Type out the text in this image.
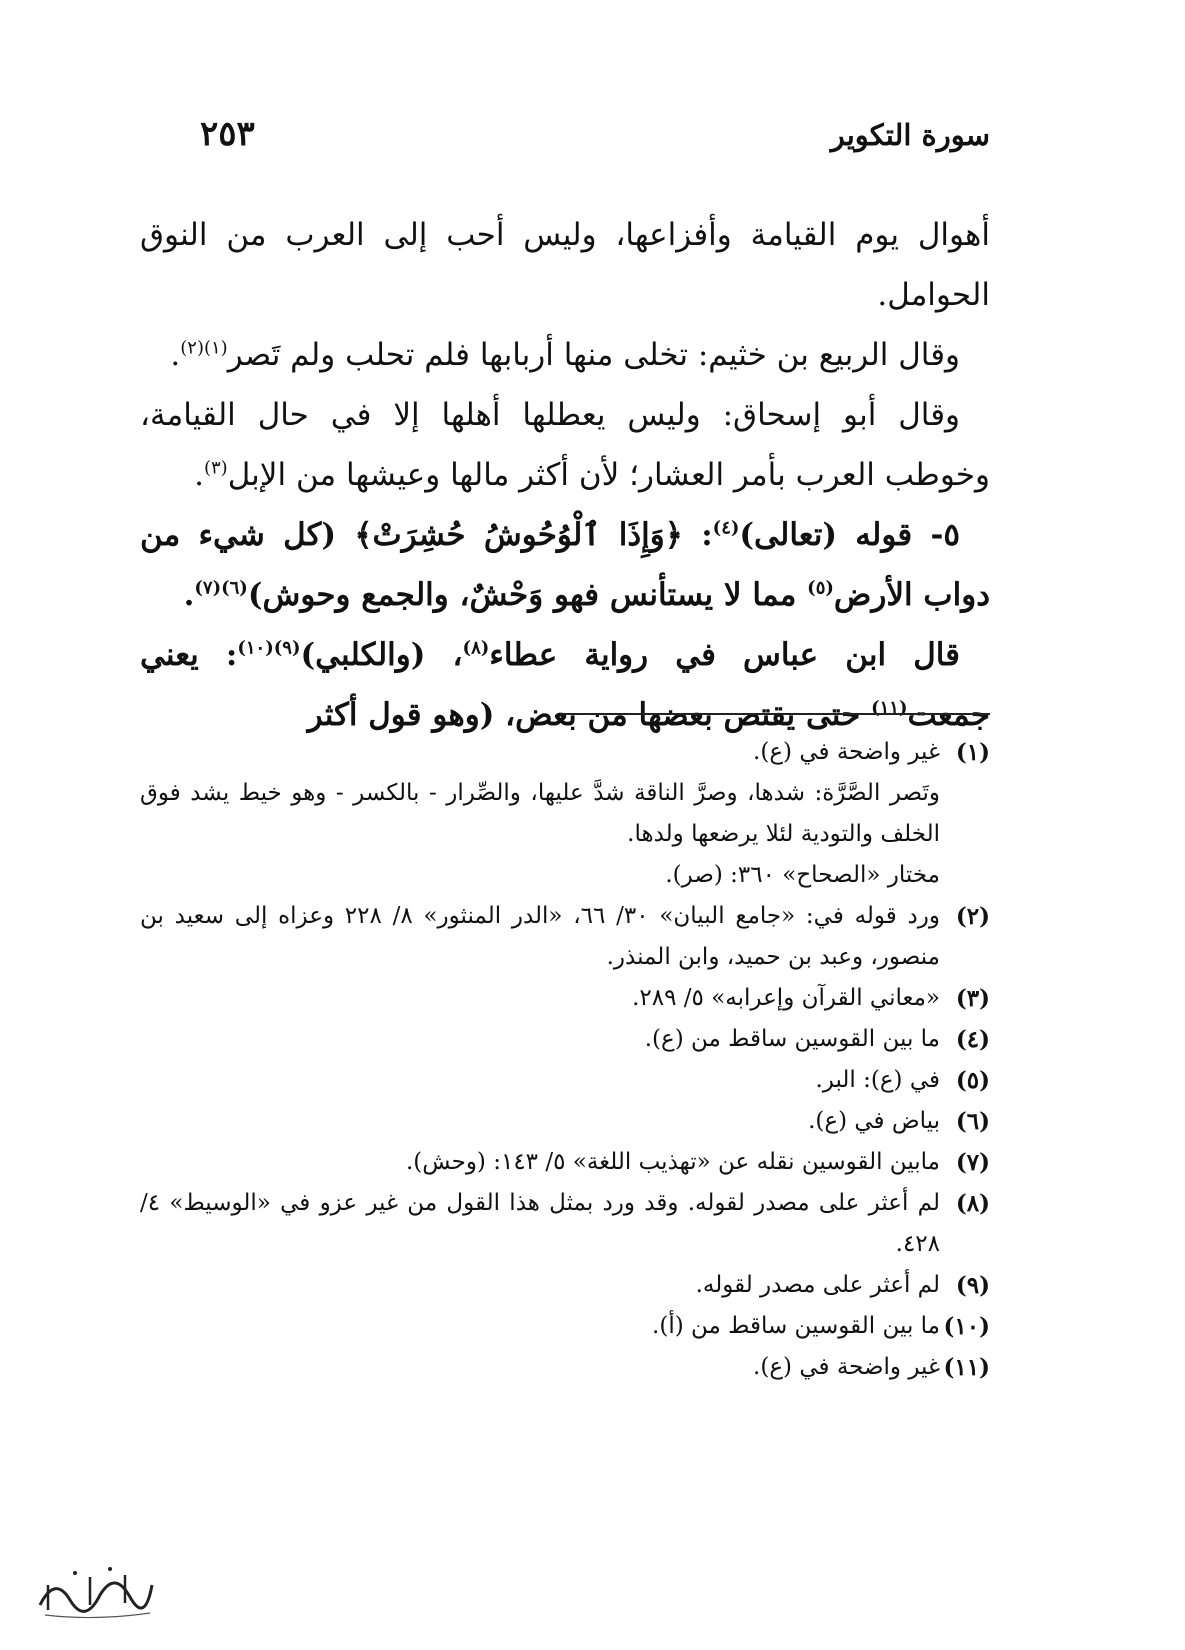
سورة التكوير
٢٥٣

أهوال يوم القيامة وأفزاعها، وليس أحب إلى العرب من النوق الحوامل.

وقال الربيع بن خثيم: تخلى منها أربابها فلم تحلب ولم تَصر$^{(١)(٢)}$.

وقال أبو إسحاق: وليس يعطلها أهلها إلا في حال القيامة، وخوطب العرب بأمر العشار؛ لأن أكثر مالها وعيشها من الإبل$^{(٣)}$.

٥- قوله (تعالى)$^{(٤)}$: ﴿وَإِذَا ٱلْوُحُوشُ حُشِرَتْ﴾ (كل شيء من دواب الأرض$^{(٥)}$ مما لا يستأنس فهو وَحْشٌ، والجمع وحوش)$^{(٦)(٧)}$.

قال ابن عباس في رواية عطاء$^{(٨)}$، (والكلبي)$^{(٩)(١٠)}$: يعني جمعت$^{(١١)}$ حتى يقتص بعضها من بعض، (وهو قول أكثر

(١)
غير واضحة في (ع).
وتَصر الصَّرَّة: شدها، وصرَّ الناقة شدَّ عليها، والصِّرار - بالكسر - وهو خيط يشد فوق الخلف والتودية لئلا يرضعها ولدها.
مختار «الصحاح» ٣٦٠: (صر).
(٢)
ورد قوله في: «جامع البيان» ٣٠/ ٦٦، «الدر المنثور» ٨/ ٢٢٨ وعزاه إلى سعيد بن منصور، وعبد بن حميد، وابن المنذر.
(٣)
«معاني القرآن وإعرابه» ٥/ ٢٨٩.
(٤)
ما بين القوسين ساقط من (ع).
(٥)
في (ع): البر.
(٦)
بياض في (ع).
(٧)
مابين القوسين نقله عن «تهذيب اللغة» ٥/ ١٤٣: (وحش).
(٨)
لم أعثر على مصدر لقوله. وقد ورد بمثل هذا القول من غير عزو في «الوسيط» ٤/ ٤٢٨.
(٩)
لم أعثر على مصدر لقوله.
(١٠)
ما بين القوسين ساقط من (أ).
(١١)
غير واضحة في (ع).
